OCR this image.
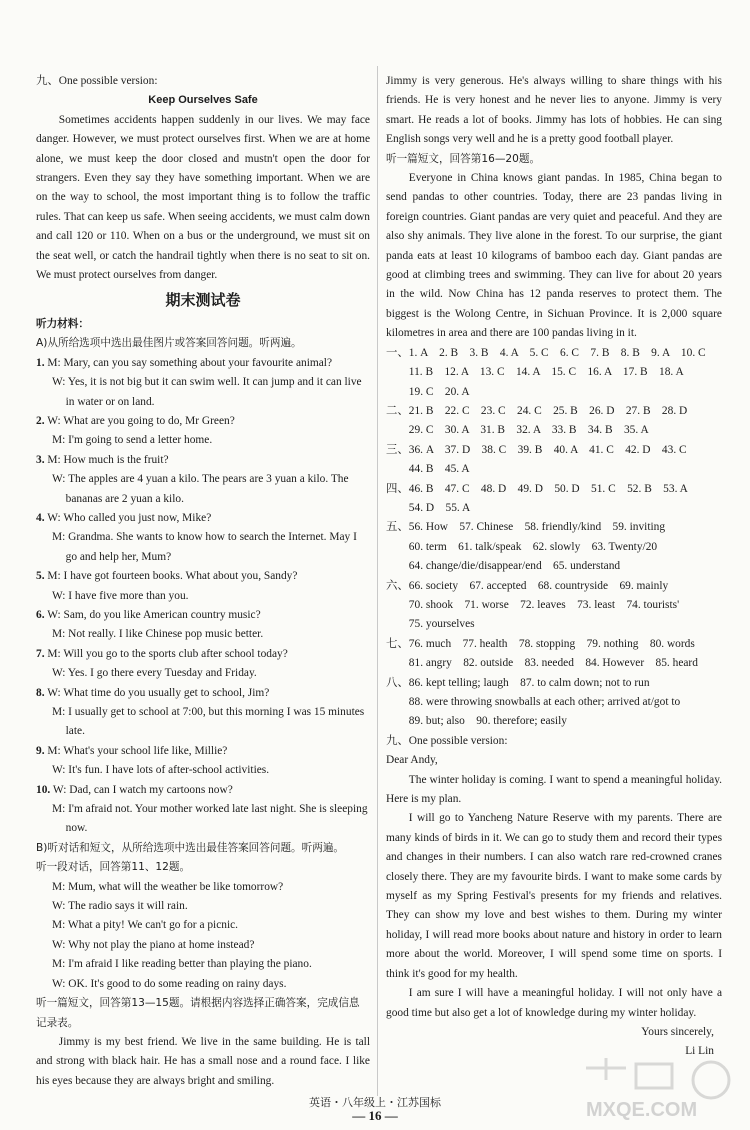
九、One possible version:

Keep Ourselves Safe

Sometimes accidents happen suddenly in our lives. We may face danger. However, we must protect ourselves first. When we are at home alone, we must keep the door closed and mustn't open the door for strangers. Even they say they have something important. When we are on the way to school, the most important thing is to follow the traffic rules. That can keep us safe. When seeing accidents, we must calm down and call 120 or 110. When on a bus or the underground, we must sit on the seat well, or catch the handrail tightly when there is no seat to sit on. We must protect ourselves from danger.

期末测试卷

听力材料：

A)从所给选项中选出最佳图片或答案回答问题。听两遍。

1. M: Mary, can you say something about your favourite animal?

W: Yes, it is not big but it can swim well. It can jump and it can live in water or on land.

2. W: What are you going to do, Mr Green?

M: I'm going to send a letter home.

3. M: How much is the fruit?

W: The apples are 4 yuan a kilo. The pears are 3 yuan a kilo. The bananas are 2 yuan a kilo.

4. W: Who called you just now, Mike?

M: Grandma. She wants to know how to search the Internet. May I go and help her, Mum?

5. M: I have got fourteen books. What about you, Sandy?

W: I have five more than you.

6. W: Sam, do you like American country music?

M: Not really. I like Chinese pop music better.

7. M: Will you go to the sports club after school today?

W: Yes. I go there every Tuesday and Friday.

8. W: What time do you usually get to school, Jim?

M: I usually get to school at 7:00, but this morning I was 15 minutes late.

9. M: What's your school life like, Millie?

W: It's fun. I have lots of after-school activities.

10. W: Dad, can I watch my cartoons now?

M: I'm afraid not. Your mother worked late last night. She is sleeping now.

B)听对话和短文，从所给选项中选出最佳答案回答问题。听两遍。

听一段对话，回答第11、12题。

M: Mum, what will the weather be like tomorrow?

W: The radio says it will rain.

M: What a pity! We can't go for a picnic.

W: Why not play the piano at home instead?

M: I'm afraid I like reading better than playing the piano.

W: OK. It's good to do some reading on rainy days.

听一篇短文，回答第13—15题。请根据内容选择正确答案，完成信息记录表。

Jimmy is my best friend. We live in the same building. He is tall and strong with black hair. He has a small nose and a round face. I like his eyes because they are always bright and smiling.

Jimmy is very generous. He's always willing to share things with his friends. He is very honest and he never lies to anyone. Jimmy is very smart. He reads a lot of books. Jimmy has lots of hobbies. He can sing English songs very well and he is a pretty good football player.

听一篇短文，回答第16—20题。

Everyone in China knows giant pandas. In 1985, China began to send pandas to other countries. Today, there are 23 pandas living in foreign countries. Giant pandas are very quiet and peaceful. And they are also shy animals. They live alone in the forest. To our surprise, the giant panda eats at least 10 kilograms of bamboo each day. Giant pandas are good at climbing trees and swimming. They can live for about 20 years in the wild. Now China has 12 panda reserves to protect them. The biggest is the Wolong Centre, in Sichuan Province. It is 2,000 square kilometres in area and there are 100 pandas living in it.

一、1. A　2. B　3. B　4. A　5. C　6. C　7. B　8. B　9. A　10. C

11. B　12. A　13. C　14. A　15. C　16. A　17. B　18. A

19. C　20. A

二、21. B　22. C　23. C　24. C　25. B　26. D　27. B　28. D

29. C　30. A　31. B　32. A　33. B　34. B　35. A

三、36. A　37. D　38. C　39. B　40. A　41. C　42. D　43. C

44. B　45. A

四、46. B　47. C　48. D　49. D　50. D　51. C　52. B　53. A

54. D　55. A

五、56. How　57. Chinese　58. friendly/kind　59. inviting

60. term　61. talk/speak　62. slowly　63. Twenty/20

64. change/die/disappear/end　65. understand

六、66. society　67. accepted　68. countryside　69. mainly

70. shook　71. worse　72. leaves　73. least　74. tourists'

75. yourselves

七、76. much　77. health　78. stopping　79. nothing　80. words

81. angry　82. outside　83. needed　84. However　85. heard

八、86. kept telling; laugh　87. to calm down; not to run

88. were throwing snowballs at each other; arrived at/got to

89. but; also　90. therefore; easily

九、One possible version:

Dear Andy,

The winter holiday is coming. I want to spend a meaningful holiday. Here is my plan.

I will go to Yancheng Nature Reserve with my parents. There are many kinds of birds in it. We can go to study them and record their types and changes in their numbers. I can also watch rare red-crowned cranes closely there. They are my favourite birds. I want to make some cards by myself as my Spring Festival's presents for my friends and relatives. They can show my love and best wishes to them. During my winter holiday, I will read more books about nature and history in order to learn more about the world. Moreover, I will spend some time on sports. I think it's good for my health.

I am sure I will have a meaningful holiday. I will not only have a good time but also get a lot of knowledge during my winter holiday.

Yours sincerely,

Li Lin

英语・八年级上・江苏国标
— 16 —	MXQE.COM
